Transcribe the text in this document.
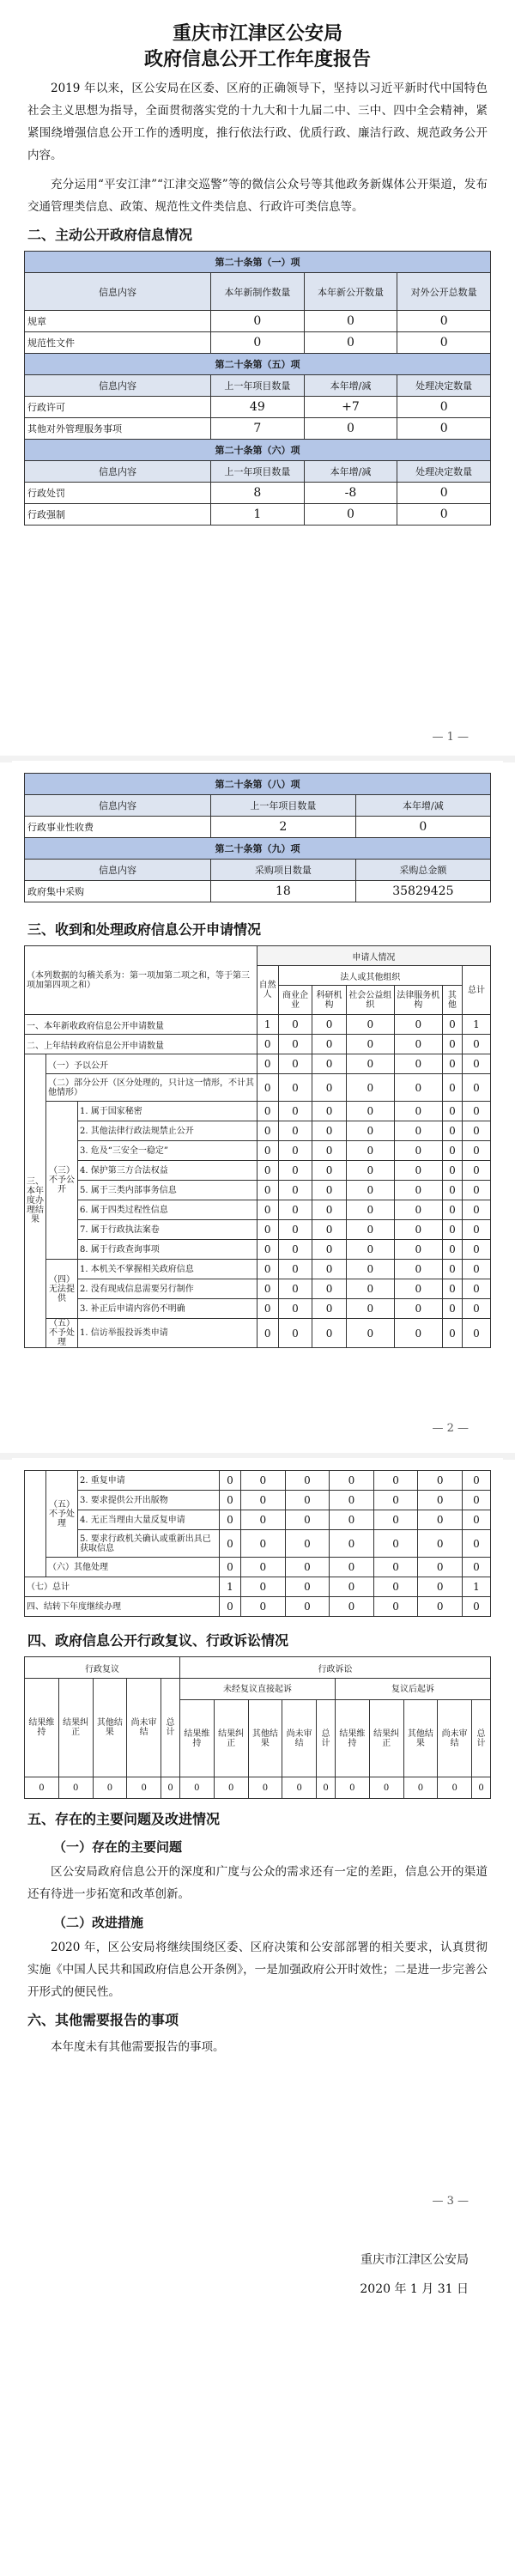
重庆市江津区公安局
政府信息公开工作年度报告

2019 年以来，区公安局在区委、区府的正确领导下，坚持以习近平新时代中国特色社会主义思想为指导，全面贯彻落实党的十九大和十九届二中、三中、四中全会精神，紧紧围绕增强信息公开工作的透明度，推行依法行政、优质行政、廉洁行政、规范政务公开内容。

充分运用“平安江津”“江津交巡警”等的微信公众号等其他政务新媒体公开渠道，发布交通管理类信息、政策、规范性文件类信息、行政许可类信息等。

二、主动公开政府信息情况
第二十条第（一）项			
信息内容	本年新制作数量	本年新公开数量	对外公开总数量
规章	0	0	0
规范性文件	0	0	0
第二十条第（五）项			
信息内容	上一年项目数量	本年增/减	处理决定数量
行政许可	49	+7	0
其他对外管理服务事项	7	0	0
第二十条第（六）项			
信息内容	上一年项目数量	本年增/减	处理决定数量
行政处罚	8	-8	0
行政强制	1	0	0
— 1 —
第二十条第（八）项		
信息内容	上一年项目数量	本年增/减
行政事业性收费	2	0
第二十条第（九）项		
信息内容	采购项目数量	采购总金额
政府集中采购	18	35829425
三、收到和处理政府信息公开申请情况
（本列数据的勾稽关系为：第一项加第二项之和，等于第三项加第四项之和）			申请人情况						
			自然人	法人或其他组织					总计
				商业企业	科研机构	社会公益组织	法律服务机构	其他	
一、本年新收政府信息公开申请数量			1	0	0	0	0	0	1
二、上年结转政府信息公开申请数量			0	0	0	0	0	0	0
三、本年度办理结果	（一）予以公开		0	0	0	0	0	0	0
	（二）部分公开（区分处理的，只计这一情形，不计其他情形）		0	0	0	0	0	0	0
	（三）不予公开	1. 属于国家秘密	0	0	0	0	0	0	0
		2. 其他法律行政法规禁止公开	0	0	0	0	0	0	0
		3. 危及“三安全一稳定”	0	0	0	0	0	0	0
		4. 保护第三方合法权益	0	0	0	0	0	0	0
		5. 属于三类内部事务信息	0	0	0	0	0	0	0
		6. 属于四类过程性信息	0	0	0	0	0	0	0
		7. 属于行政执法案卷	0	0	0	0	0	0	0
		8. 属于行政查询事项	0	0	0	0	0	0	0
	（四）无法提供	1. 本机关不掌握相关政府信息	0	0	0	0	0	0	0
		2. 没有现成信息需要另行制作	0	0	0	0	0	0	0
		3. 补正后申请内容仍不明确	0	0	0	0	0	0	0
	（五）不予处理	1. 信访举报投诉类申请	0	0	0	0	0	0	0
— 2 —
	（五）不予处理	2. 重复申请	0	0	0	0	0	0	0
		3. 要求提供公开出版物	0	0	0	0	0	0	0
		4. 无正当理由大量反复申请	0	0	0	0	0	0	0
		5. 要求行政机关确认或重新出具已获取信息	0	0	0	0	0	0	0
	（六）其他处理		0	0	0	0	0	0	0
（七）总计			1	0	0	0	0	0	1
四、结转下年度继续办理			0	0	0	0	0	0	0
四、政府信息公开行政复议、行政诉讼情况
行政复议					行政诉讼									
结果维持	结果纠正	其他结果	尚未审结	总计	未经复议直接起诉					复议后起诉				
					结果维持	结果纠正	其他结果	尚未审结	总计	结果维持	结果纠正	其他结果	尚未审结	总计
0	0	0	0	0	0	0	0	0	0	0	0	0	0	0
五、存在的主要问题及改进情况
（一）存在的主要问题

区公安局政府信息公开的深度和广度与公众的需求还有一定的差距，信息公开的渠道还有待进一步拓宽和改革创新。

（二）改进措施

2020 年，区公安局将继续围绕区委、区府决策和公安部部署的相关要求，认真贯彻实施《中国人民共和国政府信息公开条例》，一是加强政府公开时效性；二是进一步完善公开形式的便民性。

六、其他需要报告的事项

本年度未有其他需要报告的事项。

— 3 —
重庆市江津区公安局
2020 年 1 月 31 日
